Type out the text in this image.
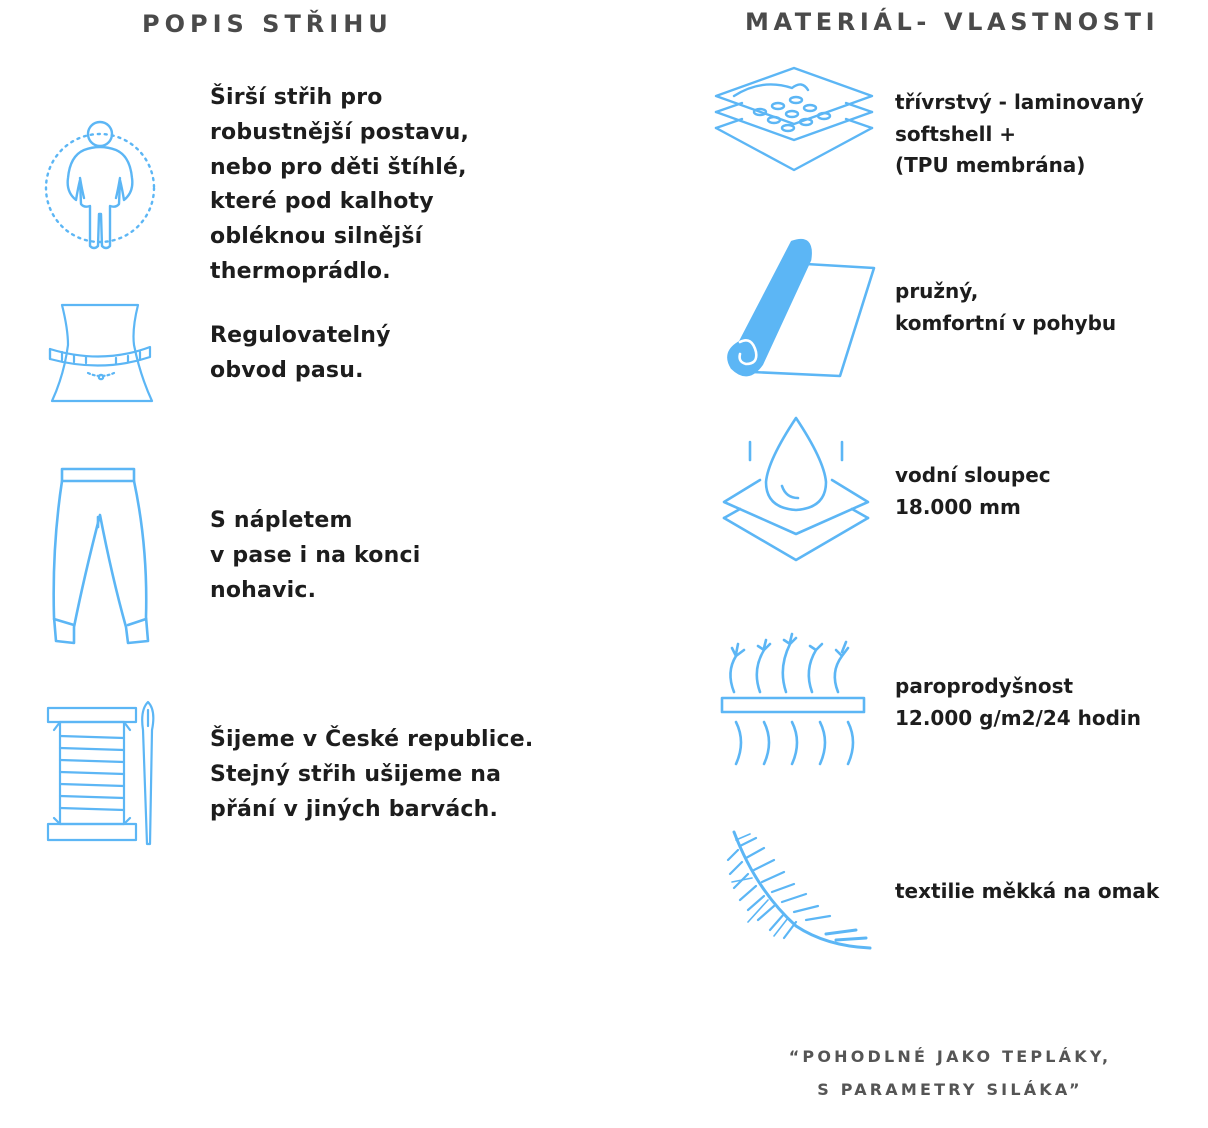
POPIS STŘIHU	MATERIÁL- VLASTNOSTI
Širší střih pro
robustnější postavu,
nebo pro děti štíhlé,
které pod kalhoty
obléknou silnější
thermoprádlo.
Regulovatelný
obvod pasu.
S nápletem
v pase i na konci
nohavic.
Šijeme v České republice.
Stejný střih ušijeme na
přání v jiných barvách.
třívrstvý - laminovaný
softshell +
(TPU membrána)
pružný,
komfortní v pohybu
vodní sloupec
18.000 mm
paroprodyšnost
12.000 g/m2/24 hodin
textilie měkká na omak
“POHODLNÉ JAKO TEPLÁKY,
S PARAMETRY SILÁKA”
